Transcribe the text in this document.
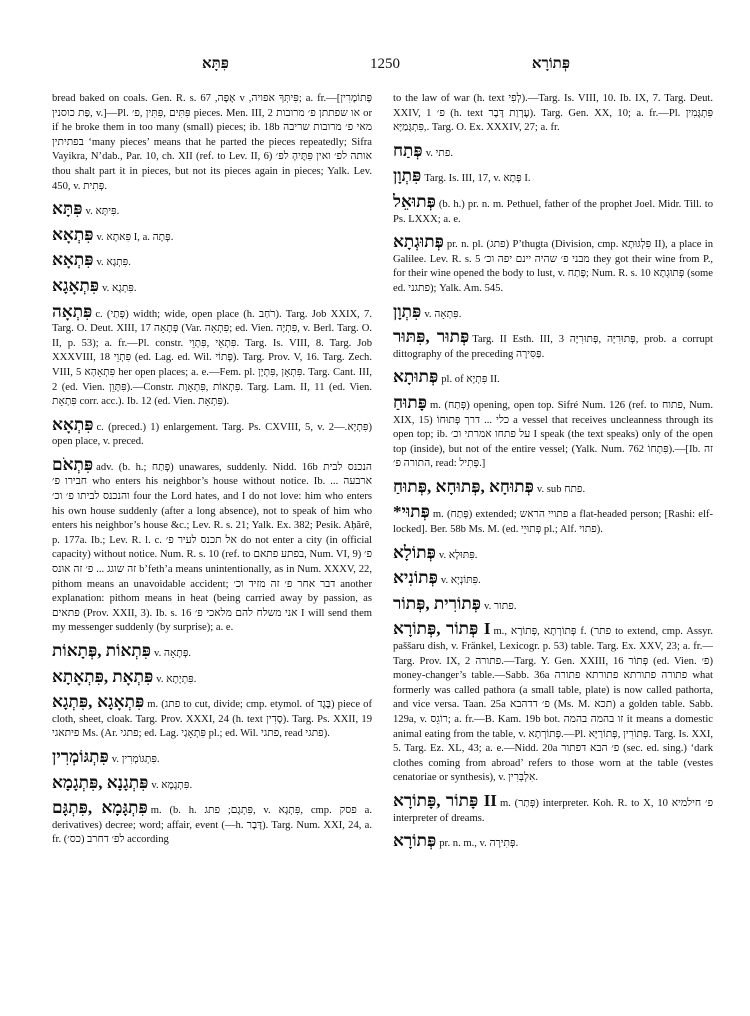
פִּתָּא	1250	פְּתוֹרָא
bread baked on coals. Gen. R. s. 67 ,אָפָּה v ,פִּיתְּךָ אפויה; a. fr.—[פְּתוֹמָרִין ,פַּת כוסנין v.]—Pl. פִּתִּים ,פִּתִּין ,פ׳ pieces. Men. III, 2 או שפתתן פ׳ מרובות or if he broke them in too many (small) pieces; ib. 18b מאי פ׳ מרובות שריבה בפתיתין ‘many pieces’ means that he parted the pieces repeatedly; Sifra Vayikra, N’dab., Par. 10, ch. XII (ref. to Lev. II, 6) אותה לפ׳ ואין פִּתֶּיהָ לפ׳ thou shalt part it in pieces, but not its pieces again in pieces; Yalk. Lev. 450, v. פְּתִית.
פִּתָּא v. פִּיתָּא.
פִּתְאָא v. פִּאתָא I, a. פְּתָה.
פִּתְאָא v. פִּתְגָא.
פִּתְאָגָא v. פִּתְגָא.
פִּתְאָה c. (פְּתַי) width; wide, open place (h. רֹחַב). Targ. Job XXIX, 7. Targ. O. Deut. XIII, 17 פְּתָאָה (Var. פִּתְאָה; ed. Vien. פִּתְיָה, v. Berl. Targ. O. II, p. 53); a. fr.—Pl. constr. פִּתְאֵי ,פִּתְוֵי. Targ. Is. VIII, 8. Targ. Job XXXVIII, 18 פִּתְוֵי (ed. Lag. ed. Wil. פְּתוֹי). Targ. Prov. V, 16. Targ. Zech. VIII, 5 פִּתְאָהָא her open places; a. e.—Fem. pl. פִּתְאָן ,פִּתְיָן. Targ. Cant. III, 2 (ed. Vien. פִּתָּוֵן).—Constr. פִּתְאוֹת ,פִּתְאָוַת. Targ. Lam. II, 11 (ed. Vien. פִּתְאָת corr. acc.). Ib. 12 (ed. Vien. פִּתְאָת).
פִּתְאָא c. (preced.) 1) enlargement. Targ. Ps. CXVIII, 5, v. פִּתְיָא.—2) open place, v. preced.
פִּתְאֹם adv. (b. h.; פְּתַח) unawares, suddenly. Nidd. 16b הנכנס לבית חבירו פ׳ who enters his neighbor’s house without notice. Ib. ארבעה ... והנכנס לביתו פ׳ וכ׳ four the Lord hates, and I do not love: him who enters his own house suddenly (after a long absence), not to speak of him who enters his neighbor’s house &c.; Lev. R. s. 21; Yalk. Ex. 382; Pesik. Aḥărê, p. 177a. Ib.; Lev. R. l. c. אל תכנס לעיר פ׳ do not enter a city (in official capacity) without notice. Num. R. s. 10 (ref. to בפתע פתאם, Num. VI, 9) פ׳ זה שוגג ... פ׳ זה אונס b’feth’a means unintentionally, as in Num. XXXV, 22, pithom means an unavoidable accident; דבר אחר פ׳ זה מזיד וכ׳ another explanation: pithom means in heat (being carried away by passion, as פתאים (Prov. XXII, 3). Ib. s. 16 אני משלח להם מלאכי פ׳ I will send them my messenger suddenly (by surprise); a. e.
פִּתְאוֹת ,פְּתָאוֹת v. פְּתָאָה.
פִּתְאָת ,פִּתְאָתָא v. פִּתְיָתָא.
פִּתְאָגָא ,פִּתְגָא m. (פתג to cut, divide; cmp. etymol. of בֶּגֶד) piece of cloth, sheet, cloak. Targ. Prov. XXXI, 24 (h. text סָדִין). Targ. Ps. XXII, 19 פיתאגי Ms. (Ar. פתגי; ed. Lag. פִּתְאָגַי pl.; ed. Wil. פתגי, read פתגי).
פִּתְגּוֹמְרִין v. פִּתְגּוֹמְרִין.
פִּתְגָנָא ,פִּתְגָמָא v. פִּתְגָמָא.
פִּתְגָּמָא ,פִּתְגָּם m. (b. h. פִּתְגָם; פתג, v. פִּתְגָא, cmp. פסק a. derivatives) decree; word; affair, event (—h. דָּבָר). Targ. Num. XXI, 24, a. fr. (כס׳) לפ׳ דחרב according
to the law of war (h. text לְפִי).—Targ. Is. VIII, 10. Ib. IX, 7. Targ. Deut. XXIV, 1 פ׳ (h. text עֶרְוַת דָּבָר). Targ. Gen. XX, 10; a. fr.—Pl. פִּתְגָּמִין ,פִּתְגָּמַיָּא. Targ. O. Ex. XXXIV, 27; a. fr.
פְּתַח v. פתי.
פִּתְוָן Targ. Is. III, 17, v. פְּתָא I.
פְּתוּאֵל (b. h.) pr. n. m. Pethuel, father of the prophet Joel. Midr. Till. to Ps. LXXX; a. e.
פְּתוּגְתָא pr. n. pl. (פתג) P’thugta (Division, cmp. פִּלְגּוּתָא II), a place in Galilee. Lev. R. s. 5 מבני פ׳ שהיה יינם יפה וכ׳ they got their wine from P., for their wine opened the body to lust, v. פְּתַח; Num. R. s. 10 פְּתוּגְתָא (some ed. פתגני); Yalk. Am. 545.
פִּתְוָן v. פִּתְאָה.
פְּתוּר ,פִּתּוּר Targ. II Esth. III, 3 פְּתוּרִיָּה ,פְּתוּרִיָּה, prob. a corrupt dittography of the preceding פַּסִּירָה.
פְּתוּתָא pl. of פִּתְיָא II.
פָּתוּחַ m. (פְּתַח) opening, open top. Sifré Num. 126 (ref. to פתוח, Num. XIX, 15) כלי ... דרך פְּתוּחוֹ a vessel that receives uncleanness through its open top; ib. על פתחו אמרתי וכ׳ I speak (the text speaks) only of the open top (inside), but not of the entire vessel; (Yalk. Num. 762 פִּתְחוֹ).—[Ib. זה התורה פ׳, read: פְּתִיל.]
פְּתוּחָא ,פְּתוּחָא ,פְּתוּחַ v. sub פתח.
*פְּתוּי m. (פְּתַח) extended; פתויי הראש a flat-headed person; [Rashi: elf-locked]. Ber. 58b Ms. M. (ed. פְּתוּיֵי pl.; Alf. פתוי).
פְּתוֹלָא v. פִּתּוּלָא.
פְּתוֹנִיא v. פִּתּוֹנְיָא.
פְּתוֹרִית ,פְּתוֹר v. פתור.
פְּתוֹר ,פְּתוֹרָא I m., פְּתוֹרְתָא ,פְּתוֹרָא f. (פתר to extend, cmp. Assyr. paššaru dish, v. Fränkel, Lexicogr. p. 53) table. Targ. Ex. XXV, 23; a. fr.—Targ. Prov. IX, 2 פתורה.—Targ. Y. Gen. XXIII, 16 פְּתוֹר (ed. Vien. פ׳) money-changer’s table.—Sabb. 36a פתורה פתורתא פתורתא פתורה what formerly was called pathora (a small table, plate) is now called pathorta, and vice versa. Taan. 25a פ׳ דדהבא (Ms. M. תכא) a golden table. Sabb. 129a, v. רוֹגֵס; a. fr.—B. Kam. 19b bot. זו בהמה בהמה it means a domestic animal eating from the table, v. פְּתוֹרְתָא.—Pl. פְּתוֹרִין ,פְּתוֹרַיָּא. Targ. Is. XXI, 5. Targ. Ez. XL, 43; a. e.—Nidd. 20a פ׳ הבא דפתור (sec. ed. sing.) ‘dark clothes coming from abroad’ refers to those worn at the table (vestes cenatoriae or synthesis), v. אִלְבְּרִין.
פָּתוֹר ,פָּתוֹרָא II m. (פְּתַר) interpreter. Koh. R. to X, 10 פ׳ חילמיא interpreter of dreams.
פְּתוֹרָא pr. n. m., v. פְּתִירָה.
